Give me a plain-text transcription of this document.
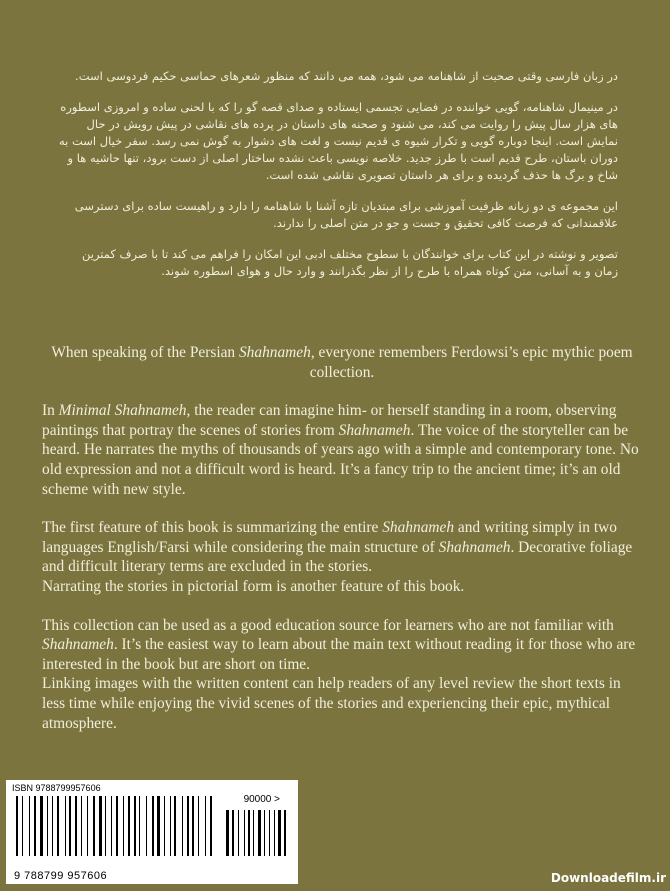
در زبان فارسی وقتی صحبت از شاهنامه می شود، همه می دانند که منظور شعرهای حماسی حکیم فردوسی است.

در مینیمال شاهنامه، گویی خواننده در فضایی تجسمی ایستاده و صدای قصه گو را که با لحنی ساده و امروزی اسطوره های هزار سال پیش را روایت می کند، می شنود و صحنه های داستان در پرده های نقاشی در پیش رویش در حال نمایش است. اینجا دوباره گویی و تکرار شیوه ی قدیم نیست و لغت های دشوار به گوش نمی رسد. سفر خیال است به دوران باستان، طرح قدیم است با طرز جدید. خلاصه نویسی باعث نشده ساختار اصلی از دست برود، تنها حاشیه ها و شاخ و برگ ها حذف گردیده و برای هر داستان تصویری نقاشی شده است.

این مجموعه ی دو زبانه ظرفیت آموزشی برای مبتدیان تازه آشنا با شاهنامه را دارد و راهیست ساده برای دسترسی علاقمندانی که فرصت کافی تحقیق و جست و جو در متن اصلی را ندارند.

تصویر و نوشته در این کتاب برای خوانندگان با سطوح مختلف ادبی این امکان را فراهم می کند تا با صرف کمترین زمان و به آسانی، متن کوتاه همراه با طرح را از نظر بگذرانند و وارد حال و هوای اسطوره شوند.

When speaking of the Persian Shahnameh, everyone remembers Ferdowsi’s epic mythic poem collection.

In Minimal Shahnameh, the reader can imagine him- or herself standing in a room, observing paintings that portray the scenes of stories from Shahnameh. The voice of the storyteller can be heard. He narrates the myths of thousands of years ago with a simple and contemporary tone. No old expression and not a difficult word is heard. It’s a fancy trip to the ancient time; it’s an old scheme with new style.

The first feature of this book is summarizing the entire Shahnameh and writing simply in two languages English/Farsi while considering the main structure of Shahnameh. Decorative foliage and difficult literary terms are excluded in the stories.
Narrating the stories in pictorial form is another feature of this book.

This collection can be used as a good education source for learners who are not familiar with Shahnameh. It’s the easiest way to learn about the main text without reading it for those who are interested in the book but are short on time.
Linking images with the written content can help readers of any level review the short texts in less time while enjoying the vivid scenes of the stories and experiencing their epic, mythical atmosphere.

ISBN 9788799957606
90000 >
9 788799 957606	Downloadefilm.ir
